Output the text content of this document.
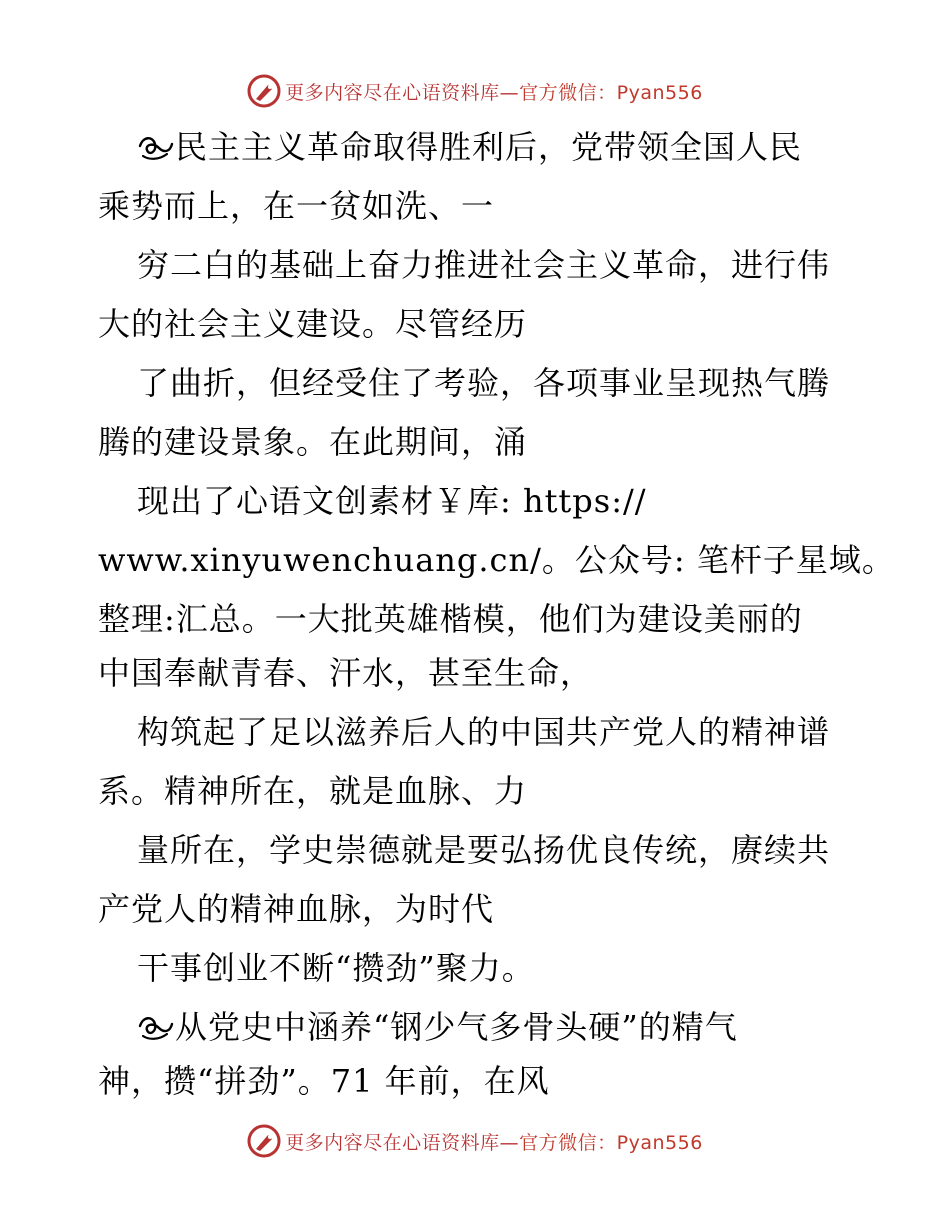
更多内容尽在心语资料库—官方微信：Pyan556
民主主义革命取得胜利后，党带领全国人民
乘势而上，在一贫如洗、一
穷二白的基础上奋力推进社会主义革命，进行伟
大的社会主义建设。尽管经历
了曲折，但经受住了考验，各项事业呈现热气腾
腾的建设景象。在此期间，涌
现出了心语文创素材￥库: https://
www.xinyuwenchuang.cn/。公众号: 笔杆子星域。
整理:汇总。一大批英雄楷模，他们为建设美丽的
中国奉献青春、汗水，甚至生命，
构筑起了足以滋养后人的中国共产党人的精神谱
系。精神所在，就是血脉、力
量所在，学史崇德就是要弘扬优良传统，赓续共
产党人的精神血脉，为时代
干事创业不断“攒劲”聚力。
从党史中涵养“钢少气多骨头硬”的精气
神，攒“拼劲”。71 年前，在风
更多内容尽在心语资料库—官方微信：Pyan556
